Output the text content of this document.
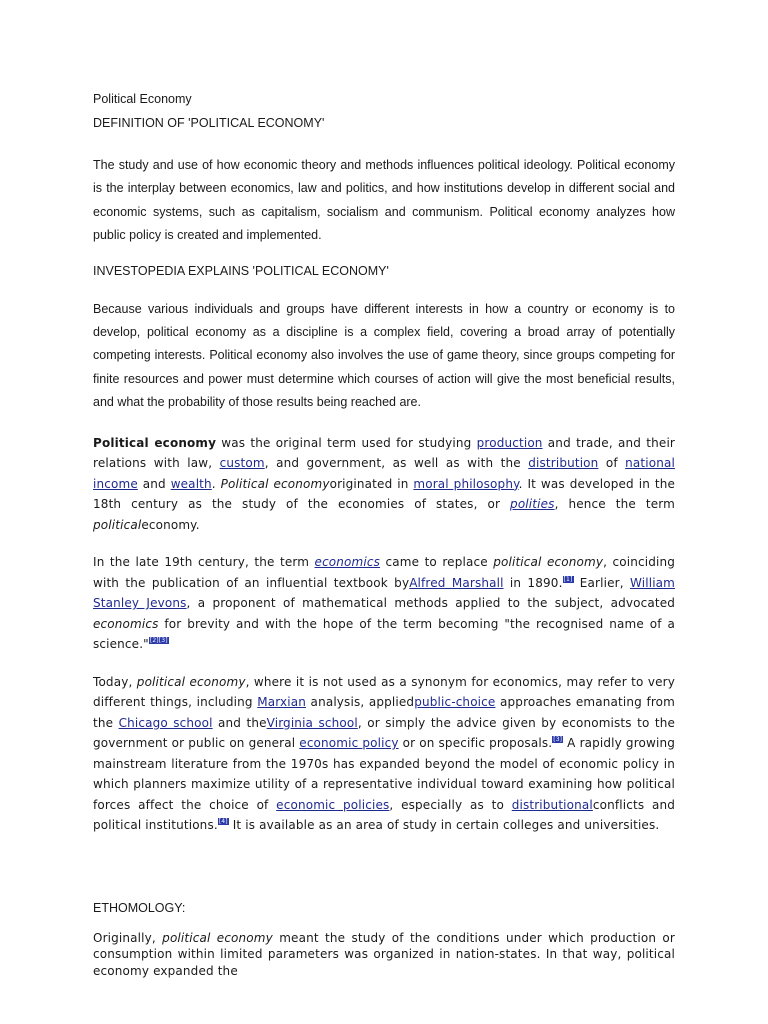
Political Economy

DEFINITION OF 'POLITICAL ECONOMY'

The study and use of how economic theory and methods influences political ideology. Political economy is the interplay between economics, law and politics, and how institutions develop in different social and economic systems, such as capitalism, socialism and communism. Political economy analyzes how public policy is created and implemented.

INVESTOPEDIA EXPLAINS 'POLITICAL ECONOMY'

Because various individuals and groups have different interests in how a country or economy is to develop, political economy as a discipline is a complex field, covering a broad array of potentially competing interests. Political economy also involves the use of game theory, since groups competing for finite resources and power must determine which courses of action will give the most beneficial results, and what the probability of those results being reached are.

Political economy was the original term used for studying production and trade, and their relations with law, custom, and government, as well as with the distribution of national income and wealth. Political economyoriginated in moral philosophy. It was developed in the 18th century as the study of the economies of states, or polities, hence the term politicaleconomy.

In the late 19th century, the term economics came to replace political economy, coinciding with the publication of an influential textbook byAlfred Marshall in 1890.[1] Earlier, William Stanley Jevons, a proponent of mathematical methods applied to the subject, advocated economics for brevity and with the hope of the term becoming "the recognised name of a science."[2][3]

Today, political economy, where it is not used as a synonym for economics, may refer to very different things, including Marxian analysis, appliedpublic-choice approaches emanating from the Chicago school and theVirginia school, or simply the advice given by economists to the government or public on general economic policy or on specific proposals.[3] A rapidly growing mainstream literature from the 1970s has expanded beyond the model of economic policy in which planners maximize utility of a representative individual toward examining how political forces affect the choice of economic policies, especially as to distributionalconflicts and political institutions.[4] It is available as an area of study in certain colleges and universities.

ETHOMOLOGY:

Originally, political economy meant the study of the conditions under which production or consumption within limited parameters was organized in nation-states. In that way, political economy expanded the
